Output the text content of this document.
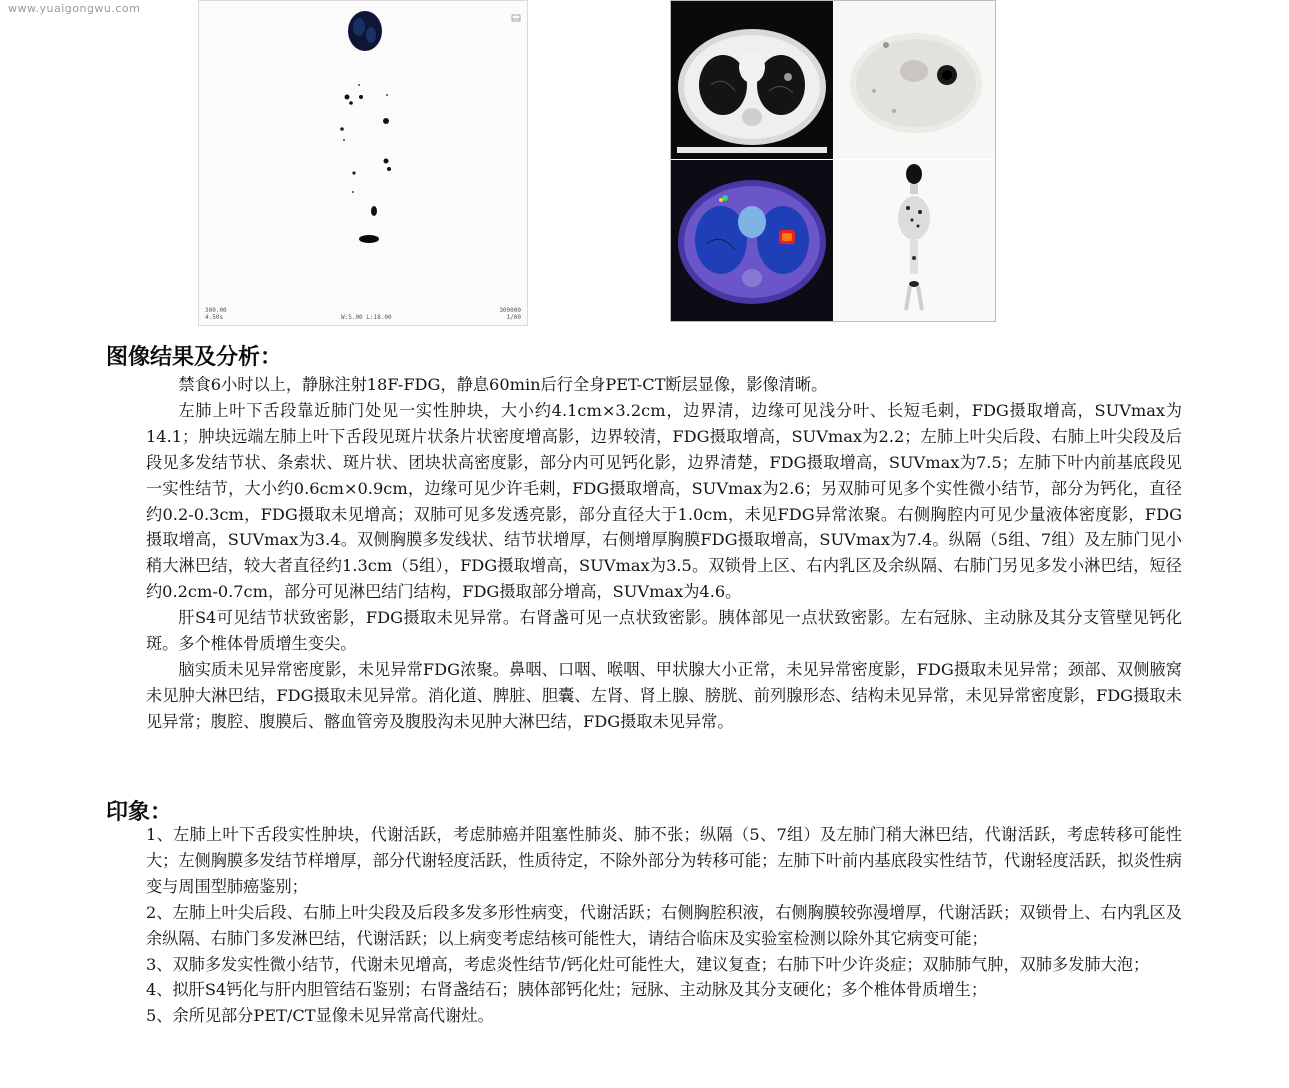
www.yuaigongwu.com
300.00
4.50s	W:5.00 L:18.00
300000
1/00
图像结果及分析：

禁食6小时以上，静脉注射18F-FDG，静息60min后行全身PET-CT断层显像，影像清晰。

左肺上叶下舌段靠近肺门处见一实性肿块，大小约4.1cm×3.2cm，边界清，边缘可见浅分叶、长短毛刺，FDG摄取增高，SUVmax为14.1；肿块远端左肺上叶下舌段见斑片状条片状密度增高影，边界较清，FDG摄取增高，SUVmax为2.2；左肺上叶尖后段、右肺上叶尖段及后段见多发结节状、条索状、斑片状、团块状高密度影，部分内可见钙化影，边界清楚，FDG摄取增高，SUVmax为7.5；左肺下叶内前基底段见一实性结节，大小约0.6cm×0.9cm，边缘可见少许毛刺，FDG摄取增高，SUVmax为2.6；另双肺可见多个实性微小结节，部分为钙化，直径约0.2-0.3cm，FDG摄取未见增高；双肺可见多发透亮影，部分直径大于1.0cm，未见FDG异常浓聚。右侧胸腔内可见少量液体密度影，FDG摄取增高，SUVmax为3.4。双侧胸膜多发线状、结节状增厚，右侧增厚胸膜FDG摄取增高，SUVmax为7.4。纵隔（5组、7组）及左肺门见小稍大淋巴结，较大者直径约1.3cm（5组），FDG摄取增高，SUVmax为3.5。双锁骨上区、右内乳区及余纵隔、右肺门另见多发小淋巴结，短径约0.2cm-0.7cm，部分可见淋巴结门结构，FDG摄取部分增高，SUVmax为4.6。

肝S4可见结节状致密影，FDG摄取未见异常。右肾盏可见一点状致密影。胰体部见一点状致密影。左右冠脉、主动脉及其分支管壁见钙化斑。多个椎体骨质增生变尖。

脑实质未见异常密度影，未见异常FDG浓聚。鼻咽、口咽、喉咽、甲状腺大小正常，未见异常密度影，FDG摄取未见异常；颈部、双侧腋窝未见肿大淋巴结，FDG摄取未见异常。消化道、脾脏、胆囊、左肾、肾上腺、膀胱、前列腺形态、结构未见异常，未见异常密度影，FDG摄取未见异常；腹腔、腹膜后、髂血管旁及腹股沟未见肿大淋巴结，FDG摄取未见异常。

印象：

1、左肺上叶下舌段实性肿块，代谢活跃，考虑肺癌并阻塞性肺炎、肺不张；纵隔（5、7组）及左肺门稍大淋巴结，代谢活跃，考虑转移可能性大；左侧胸膜多发结节样增厚，部分代谢轻度活跃，性质待定，不除外部分为转移可能；左肺下叶前内基底段实性结节，代谢轻度活跃，拟炎性病变与周围型肺癌鉴别；

2、左肺上叶尖后段、右肺上叶尖段及后段多发多形性病变，代谢活跃；右侧胸腔积液，右侧胸膜较弥漫增厚，代谢活跃；双锁骨上、右内乳区及余纵隔、右肺门多发淋巴结，代谢活跃；以上病变考虑结核可能性大，请结合临床及实验室检测以除外其它病变可能；

3、双肺多发实性微小结节，代谢未见增高，考虑炎性结节/钙化灶可能性大，建议复查；右肺下叶少许炎症；双肺肺气肿，双肺多发肺大泡；

4、拟肝S4钙化与肝内胆管结石鉴别；右肾盏结石；胰体部钙化灶；冠脉、主动脉及其分支硬化；多个椎体骨质增生；

5、余所见部分PET/CT显像未见异常高代谢灶。
